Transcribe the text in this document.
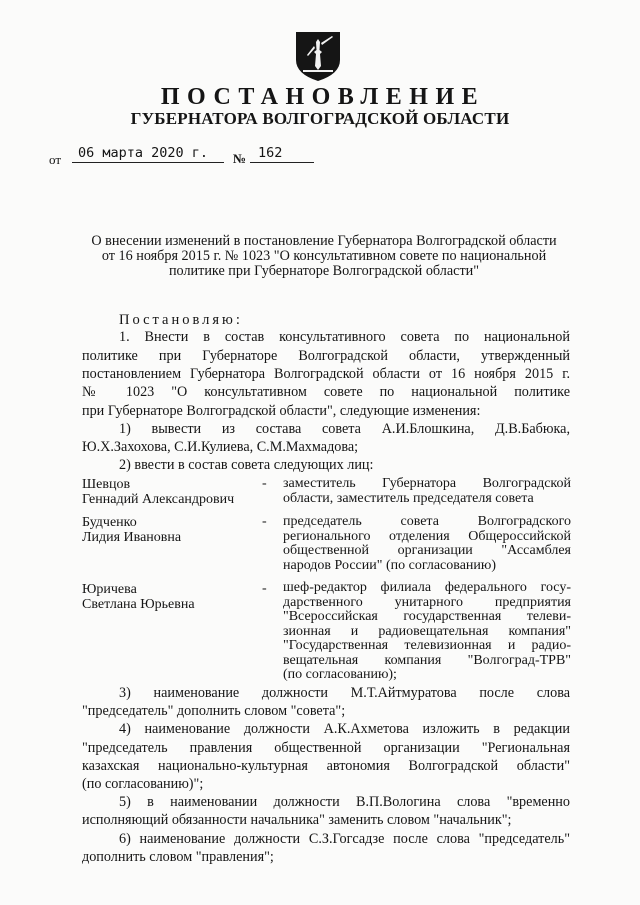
ПОСТАНОВЛЕНИЕ
ГУБЕРНАТОРА ВОЛГОГРАДСКОЙ ОБЛАСТИ
от 06 марта 2020 г. № 162
О внесении изменений в постановление Губернатора Волгоградской области
от 16 ноября 2015 г. № 1023 "О консультативном совете по национальной
политике при Губернаторе Волгоградской области"
Постановляю:
1. Внести в состав консультативного совета по национальной
политике при Губернаторе Волгоградской области, утвержденный
постановлением Губернатора Волгоградской области от 16 ноября 2015 г.
№ 1023 "О консультативном совете по национальной политике
при Губернаторе Волгоградской области", следующие изменения:
1) вывести из состава совета А.И.Блошкина, Д.В.Бабюка,
Ю.Х.Захохова, С.И.Кулиева, С.М.Махмадова;
2) ввести в состав совета следующих лиц:
Шевцов
Геннадий Александрович
- заместитель Губернатора Волгоградской
области, заместитель председателя совета
Будченко
Лидия Ивановна
- председатель совета Волгоградского
регионального отделения Общероссийской
общественной организации "Ассамблея
народов России" (по согласованию)
Юричева
Светлана Юрьевна
- шеф-редактор филиала федерального госу-
дарственного унитарного предприятия
"Всероссийская государственная телеви-
зионная и радиовещательная компания"
"Государственная телевизионная и радио-
вещательная компания "Волгоград-ТРВ"
(по согласованию);
3) наименование должности М.Т.Айтмуратова после слова
"председатель" дополнить словом "совета";
4) наименование должности А.К.Ахметова изложить в редакции
"председатель правления общественной организации "Региональная
казахская национально-культурная автономия Волгоградской области"
(по согласованию)";
5) в наименовании должности В.П.Вологина слова "временно
исполняющий обязанности начальника" заменить словом "начальник";
6) наименование должности С.З.Гогсадзе после слова "председатель"
дополнить словом "правления";
